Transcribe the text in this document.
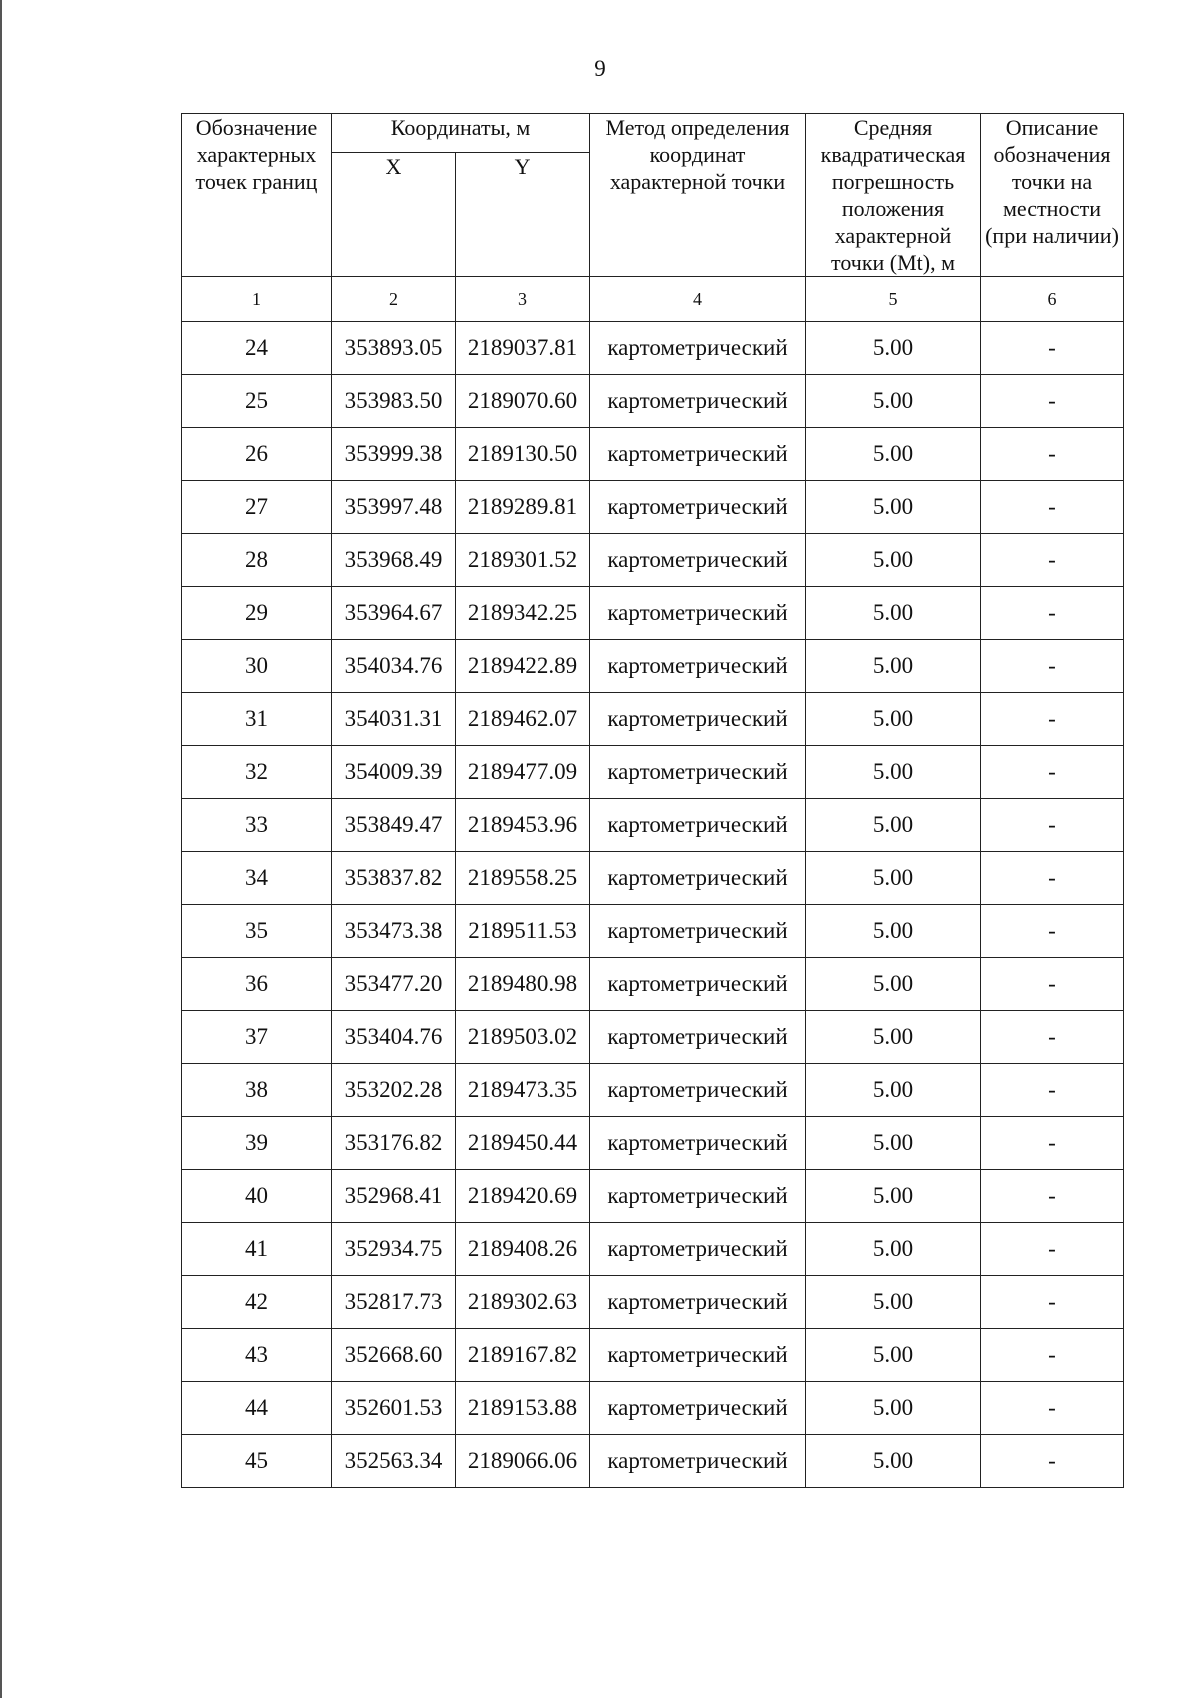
9
Обозначение характерных точек границ	Координаты, м		Метод определения координат характерной точки	Средняя квадратическая погрешность положения характерной точки (Mt), м	Описание обозначения точки на местности (при наличии)
	X	Y			
1	2	3	4	5	6
24	353893.05	2189037.81	картометрический	5.00	-
25	353983.50	2189070.60	картометрический	5.00	-
26	353999.38	2189130.50	картометрический	5.00	-
27	353997.48	2189289.81	картометрический	5.00	-
28	353968.49	2189301.52	картометрический	5.00	-
29	353964.67	2189342.25	картометрический	5.00	-
30	354034.76	2189422.89	картометрический	5.00	-
31	354031.31	2189462.07	картометрический	5.00	-
32	354009.39	2189477.09	картометрический	5.00	-
33	353849.47	2189453.96	картометрический	5.00	-
34	353837.82	2189558.25	картометрический	5.00	-
35	353473.38	2189511.53	картометрический	5.00	-
36	353477.20	2189480.98	картометрический	5.00	-
37	353404.76	2189503.02	картометрический	5.00	-
38	353202.28	2189473.35	картометрический	5.00	-
39	353176.82	2189450.44	картометрический	5.00	-
40	352968.41	2189420.69	картометрический	5.00	-
41	352934.75	2189408.26	картометрический	5.00	-
42	352817.73	2189302.63	картометрический	5.00	-
43	352668.60	2189167.82	картометрический	5.00	-
44	352601.53	2189153.88	картометрический	5.00	-
45	352563.34	2189066.06	картометрический	5.00	-
